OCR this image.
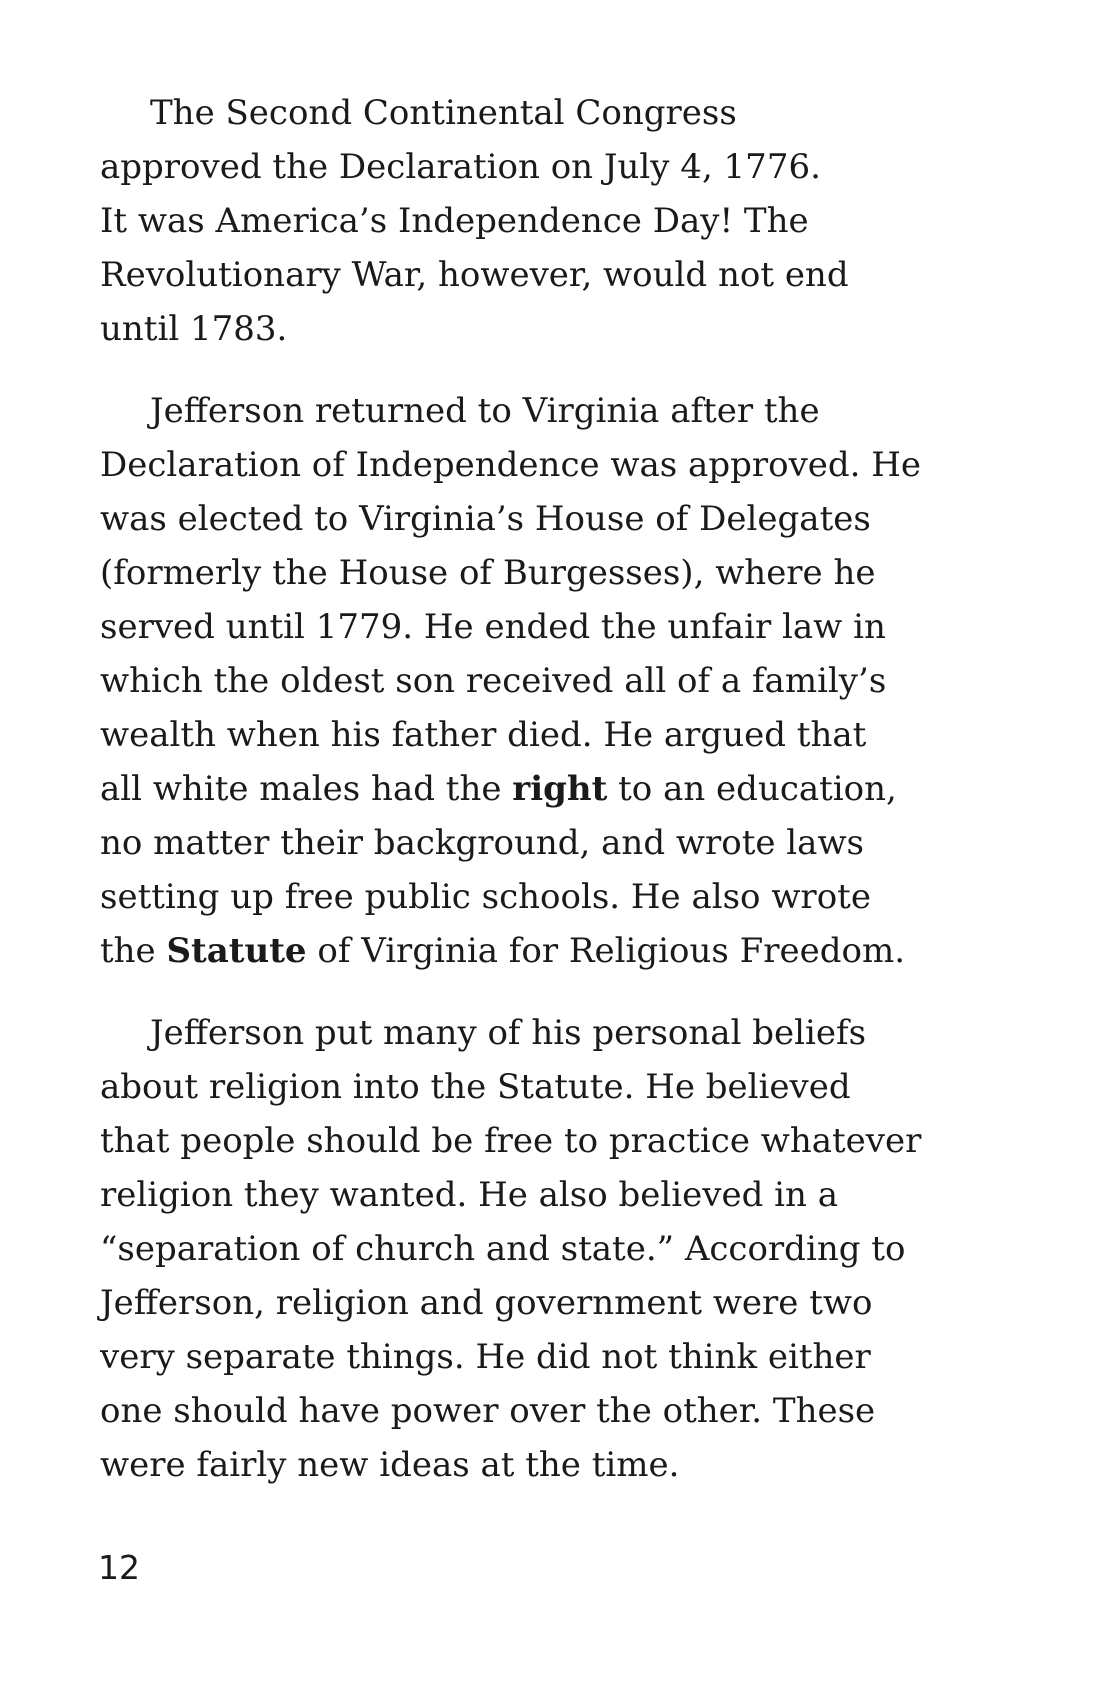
The Second Continental Congress
approved the Declaration on July 4, 1776.
It was America’s Independence Day! The
Revolutionary War, however, would not end
until 1783.

Jefferson returned to Virginia after the
Declaration of Independence was approved. He
was elected to Virginia’s House of Delegates
(formerly the House of Burgesses), where he
served until 1779. He ended the unfair law in
which the oldest son received all of a family’s
wealth when his father died. He argued that
all white males had the right to an education,
no matter their background, and wrote laws
setting up free public schools. He also wrote
the Statute of Virginia for Religious Freedom.

Jefferson put many of his personal beliefs
about religion into the Statute. He believed
that people should be free to practice whatever
religion they wanted. He also believed in a
“separation of church and state.” According to
Jefferson, religion and government were two
very separate things. He did not think either
one should have power over the other. These
were fairly new ideas at the time.

12
